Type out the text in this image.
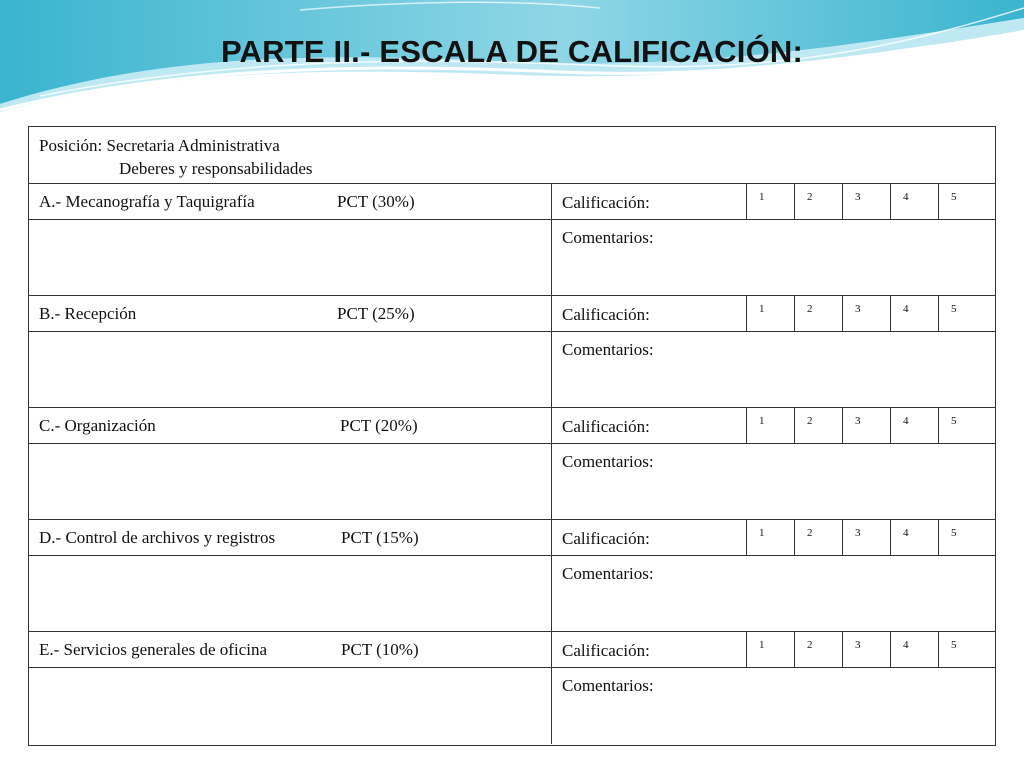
PARTE II.- ESCALA DE CALIFICACIÓN:
Posición: Secretaria Administrativa
Deberes y responsabilidades
A.- Mecanografía y Taquigrafía	PCT (30%)	Calificación:	1	2	3	4	5
Comentarios:
B.- Recepción	PCT (25%)	Calificación:	1	2	3	4	5
Comentarios:
C.- Organización	PCT (20%)	Calificación:	1	2	3	4	5
Comentarios:
D.- Control de archivos y registros	PCT (15%)	Calificación:	1	2	3	4	5
Comentarios:
E.- Servicios generales de oficina	PCT (10%)	Calificación:	1	2	3	4	5
Comentarios:
